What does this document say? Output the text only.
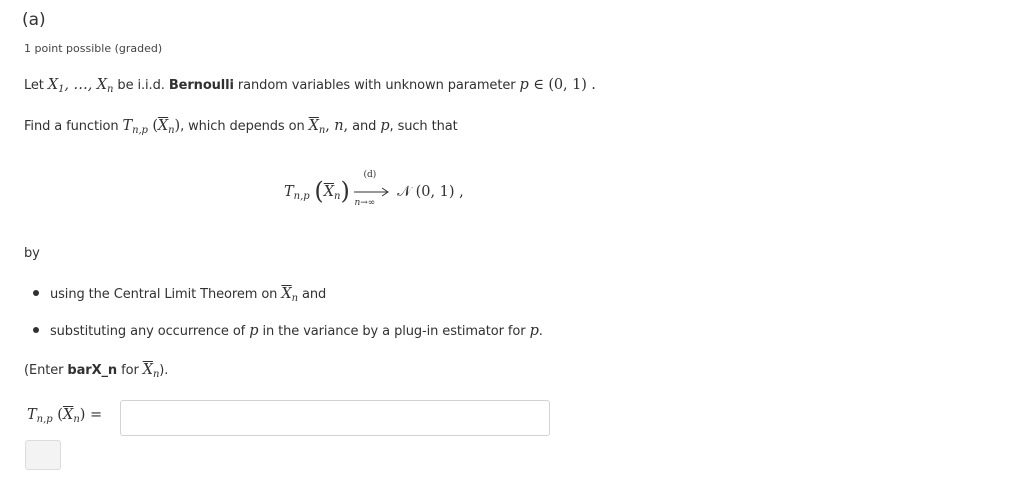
(a)
1 point possible (graded)
Let $X_1$, …, $X_n$ be i.i.d. Bernoulli random variables with unknown parameter p ∈ (0, 1) .
Find a function $T_{n,p}$ $(\overline{X}_n)$, which depends on $\overline{X}_n$, n, and p, such that
$T_{n,p}$ $(\overline{X}_n)$
(d)
n→∞
𝒩 (0, 1) ,
by
using the Central Limit Theorem on $\overline{X}_n$ and
substituting any occurrence of p in the variance by a plug-in estimator for p.
(Enter barX_n for $\overline{X}_n$).
$T_{n,p}$ $(\overline{X}_n)$ =
